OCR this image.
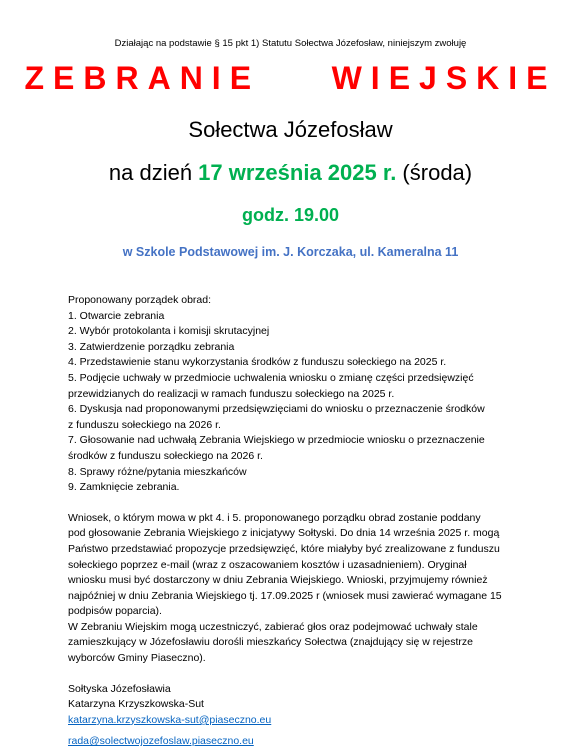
Działając na podstawie § 15 pkt 1) Statutu Sołectwa Józefosław, niniejszym zwołuję
ZEBRANIE    WIEJSKIE
Sołectwa Józefosław
na dzień 17 września 2025 r. (środa)
godz. 19.00
w Szkole Podstawowej im. J. Korczaka, ul. Kameralna 11
Proponowany porządek obrad:
1. Otwarcie zebrania
2. Wybór protokolanta i komisji skrutacyjnej
3. Zatwierdzenie porządku zebrania
4. Przedstawienie stanu wykorzystania środków z funduszu sołeckiego na 2025 r.
5. Podjęcie uchwały w przedmiocie uchwalenia wniosku o zmianę części przedsięwzięć
przewidzianych do realizacji w ramach funduszu sołeckiego na 2025 r.
6. Dyskusja nad proponowanymi przedsięwzięciami do wniosku o przeznaczenie środków
z funduszu sołeckiego na 2026 r.
7. Głosowanie nad uchwałą Zebrania Wiejskiego w przedmiocie wniosku o przeznaczenie
środków z funduszu sołeckiego na 2026 r.
8. Sprawy różne/pytania mieszkańców
9. Zamknięcie zebrania.
Wniosek, o którym mowa w pkt 4. i 5. proponowanego porządku obrad zostanie poddany
pod głosowanie Zebrania Wiejskiego z inicjatywy Sołtyski. Do dnia 14 września 2025 r. mogą
Państwo przedstawiać propozycje przedsięwzięć, które miałyby być zrealizowane z funduszu
sołeckiego poprzez e-mail (wraz z oszacowaniem kosztów i uzasadnieniem). Oryginał
wniosku musi być dostarczony w dniu Zebrania Wiejskiego. Wnioski, przyjmujemy również
najpóźniej w dniu Zebrania Wiejskiego tj. 17.09.2025 r (wniosek musi zawierać wymagane 15
podpisów poparcia).
W Zebraniu Wiejskim mogą uczestniczyć, zabierać głos oraz podejmować uchwały stale
zamieszkujący w Józefosławiu dorośli mieszkańcy Sołectwa (znajdujący się w rejestrze
wyborców Gminy Piaseczno).
Sołtyska Józefosławia
Katarzyna Krzyszkowska-Sut
katarzyna.krzyszkowska-sut@piaseczno.eu
rada@solectwojozefoslaw.piaseczno.eu
